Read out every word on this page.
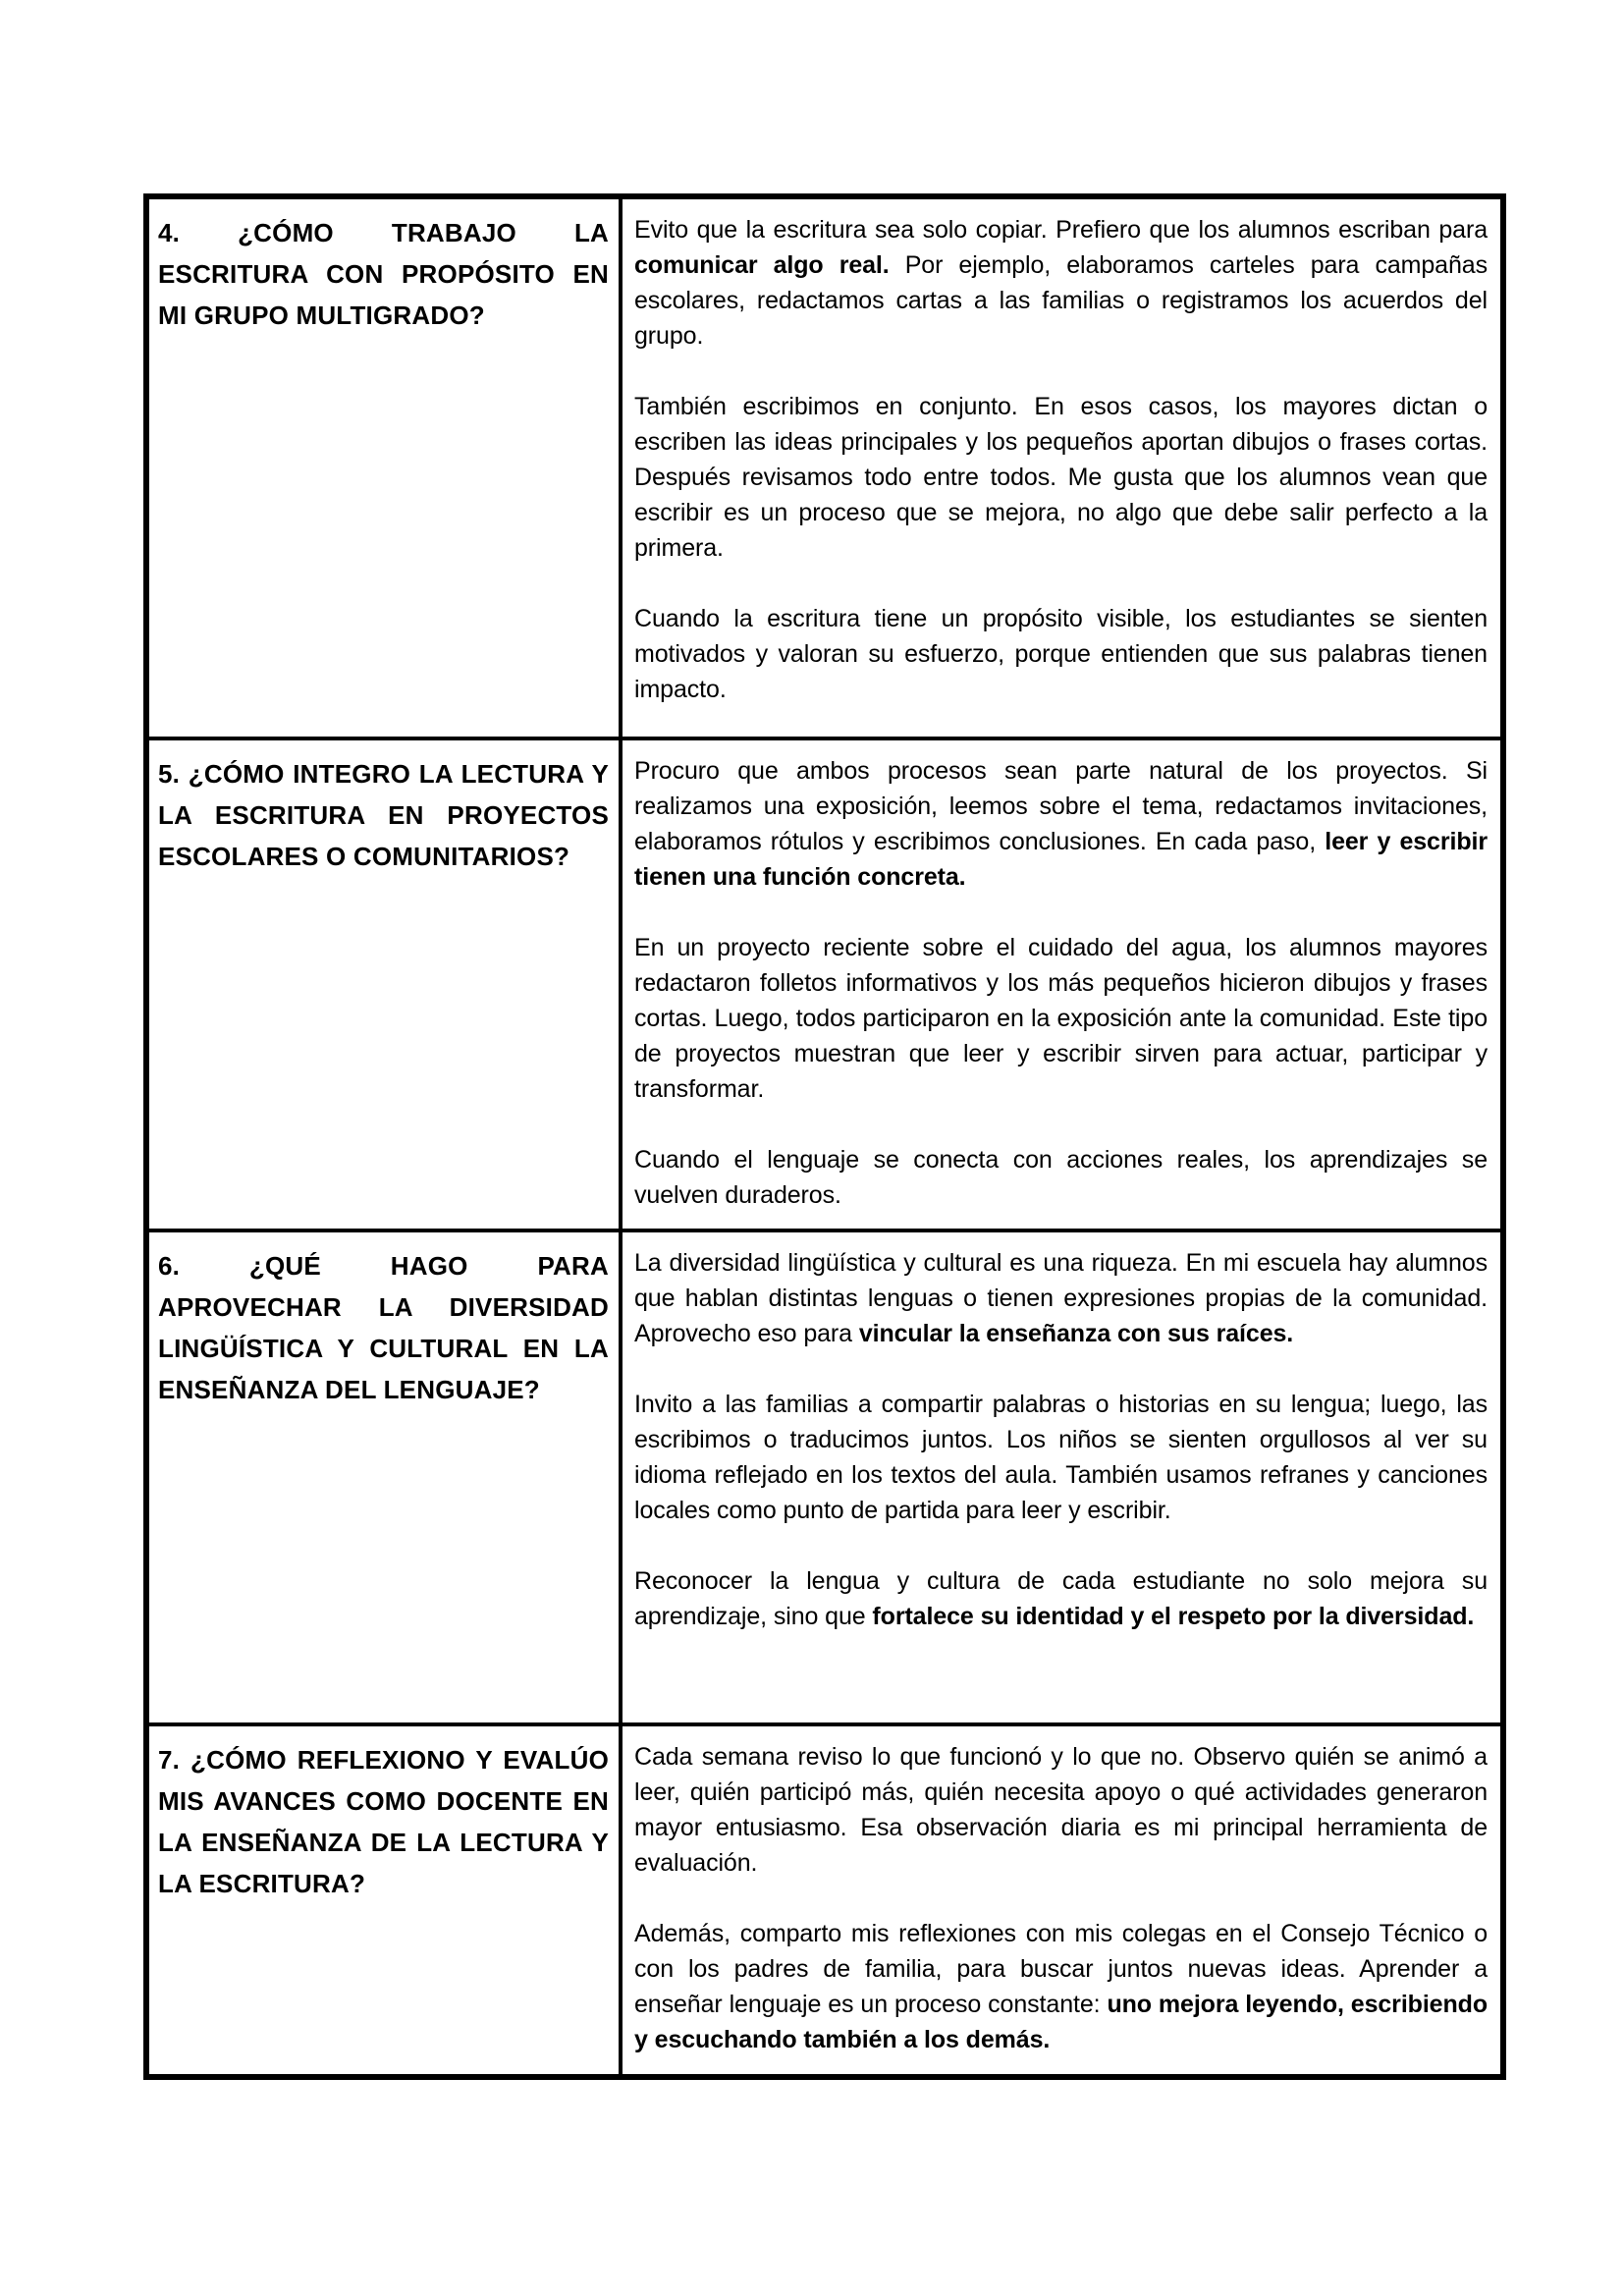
4. ¿CÓMO TRABAJO LA ESCRITURA CON PROPÓSITO EN MI GRUPO MULTIGRADO?

Evito que la escritura sea solo copiar. Prefiero que los alumnos escriban para comunicar algo real. Por ejemplo, elaboramos carteles para campañas escolares, redactamos cartas a las familias o registramos los acuerdos del grupo.

También escribimos en conjunto. En esos casos, los mayores dictan o escriben las ideas principales y los pequeños aportan dibujos o frases cortas. Después revisamos todo entre todos. Me gusta que los alumnos vean que escribir es un proceso que se mejora, no algo que debe salir perfecto a la primera.

Cuando la escritura tiene un propósito visible, los estudiantes se sienten motivados y valoran su esfuerzo, porque entienden que sus palabras tienen impacto.

5. ¿CÓMO INTEGRO LA LECTURA Y LA ESCRITURA EN PROYECTOS ESCOLARES O COMUNITARIOS?

Procuro que ambos procesos sean parte natural de los proyectos. Si realizamos una exposición, leemos sobre el tema, redactamos invitaciones, elaboramos rótulos y escribimos conclusiones. En cada paso, leer y escribir tienen una función concreta.

En un proyecto reciente sobre el cuidado del agua, los alumnos mayores redactaron folletos informativos y los más pequeños hicieron dibujos y frases cortas. Luego, todos participaron en la exposición ante la comunidad. Este tipo de proyectos muestran que leer y escribir sirven para actuar, participar y transformar.

Cuando el lenguaje se conecta con acciones reales, los aprendizajes se vuelven duraderos.

6. ¿QUÉ HAGO PARA APROVECHAR LA DIVERSIDAD LINGÜÍSTICA Y CULTURAL EN LA ENSEÑANZA DEL LENGUAJE?

La diversidad lingüística y cultural es una riqueza. En mi escuela hay alumnos que hablan distintas lenguas o tienen expresiones propias de la comunidad. Aprovecho eso para vincular la enseñanza con sus raíces.

Invito a las familias a compartir palabras o historias en su lengua; luego, las escribimos o traducimos juntos. Los niños se sienten orgullosos al ver su idioma reflejado en los textos del aula. También usamos refranes y canciones locales como punto de partida para leer y escribir.

Reconocer la lengua y cultura de cada estudiante no solo mejora su aprendizaje, sino que fortalece su identidad y el respeto por la diversidad.

7. ¿CÓMO REFLEXIONO Y EVALÚO MIS AVANCES COMO DOCENTE EN LA ENSEÑANZA DE LA LECTURA Y LA ESCRITURA?

Cada semana reviso lo que funcionó y lo que no. Observo quién se animó a leer, quién participó más, quién necesita apoyo o qué actividades generaron mayor entusiasmo. Esa observación diaria es mi principal herramienta de evaluación.

Además, comparto mis reflexiones con mis colegas en el Consejo Técnico o con los padres de familia, para buscar juntos nuevas ideas. Aprender a enseñar lenguaje es un proceso constante: uno mejora leyendo, escribiendo y escuchando también a los demás.
